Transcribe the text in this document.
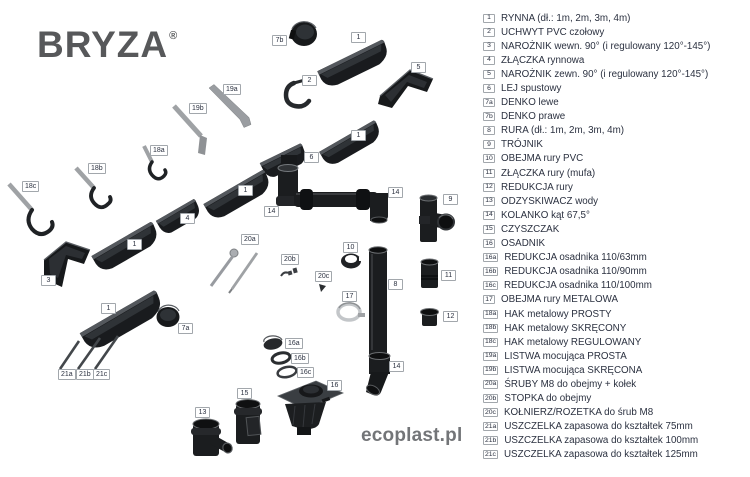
BRYZA®	7b	1
5
2
19a
19b
1
18a
6
18b
18c
1	14
9
14
4
20a
1	10
20b
11
20c
3
8
17
1
12
7a
16a
16b
14
16c
21a 21b 21c
16
15
13
1	RYNNA (dł.: 1m, 2m, 3m, 4m)
2	UCHWYT PVC czołowy
3	NAROŻNIK wewn. 90° (i regulowany 120°-145°)
4	ZŁĄCZKA rynnowa
5	NAROŻNIK zewn. 90° (i regulowany 120°-145°)
6	LEJ spustowy
7a DENKO lewe
7b DENKO prawe
8	RURA (dł.: 1m, 2m, 3m, 4m)
9	TRÓJNIK
10 OBEJMA rury PVC
11 ZŁĄCZKA rury (mufa)
12 REDUKCJA rury
13 ODZYSKIWACZ wody
14 KOLANKO kąt 67,5°
15 CZYSZCZAK
16 OSADNIK
16a REDUKCJA osadnika 110/63mm
16b REDUKCJA osadnika 110/90mm
16c REDUKCJA osadnika 110/100mm
17 OBEJMA rury METALOWA
18a HAK metalowy PROSTY
18b HAK metalowy SKRĘCONY
18c HAK metalowy REGULOWANY
19a LISTWA mocująca PROSTA
19b LISTWA mocująca SKRĘCONA
20a ŚRUBY M8 do obejmy + kołek
20b STOPKA do obejmy
20c KOŁNIERZ/ROZETKA do śrub M8
21a USZCZELKA zapasowa do kształtek 75mm
21b USZCZELKA zapasowa do kształtek 100mm
21c USZCZELKA zapasowa do kształtek 125mm
ecoplast.pl
